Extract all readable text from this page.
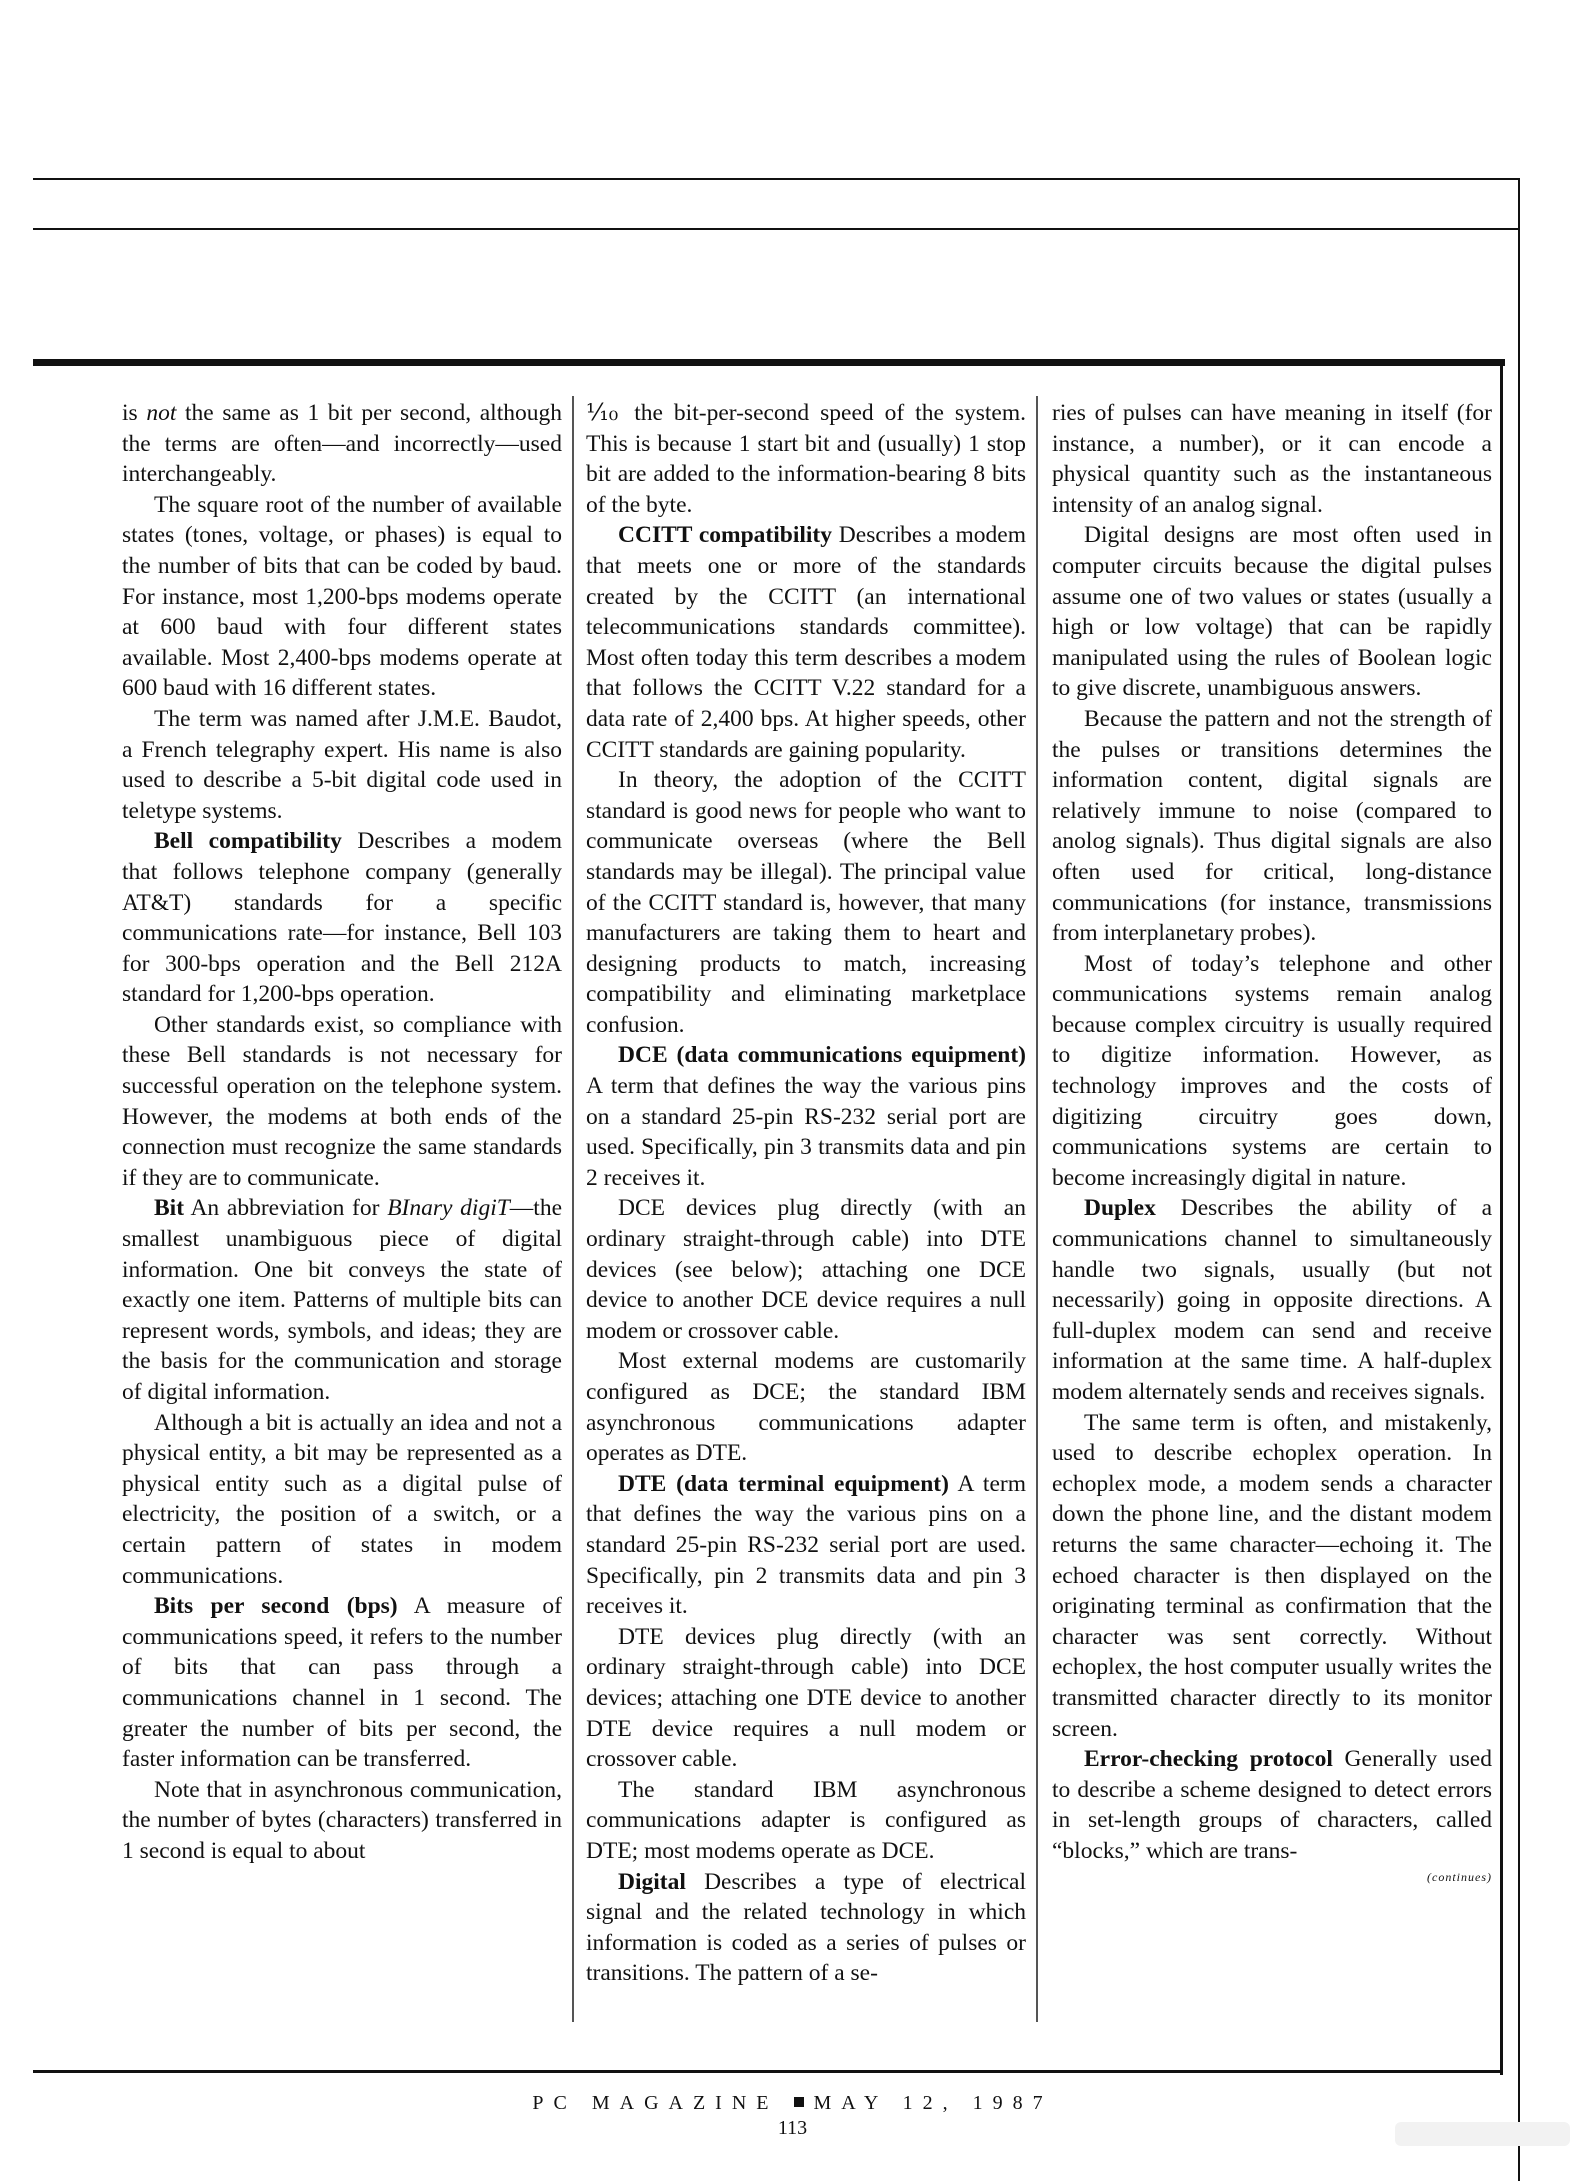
is not the same as 1 bit per second, although the terms are often—and incorrectly—used interchangeably.

The square root of the number of available states (tones, voltage, or phases) is equal to the number of bits that can be coded by baud. For instance, most 1,200-bps modems operate at 600 baud with four different states available. Most 2,400-bps modems operate at 600 baud with 16 different states.

The term was named after J.M.E. Baudot, a French telegraphy expert. His name is also used to describe a 5-bit digital code used in teletype systems.

Bell compatibility Describes a modem that follows telephone company (generally AT&T) standards for a specific communications rate—for instance, Bell 103 for 300-bps operation and the Bell 212A standard for 1,200-bps operation.

Other standards exist, so compliance with these Bell standards is not necessary for successful operation on the telephone system. However, the modems at both ends of the connection must recognize the same standards if they are to communicate.

Bit An abbreviation for BInary digiT—the smallest unambiguous piece of digital information. One bit conveys the state of exactly one item. Patterns of multiple bits can represent words, symbols, and ideas; they are the basis for the communication and storage of digital information.

Although a bit is actually an idea and not a physical entity, a bit may be represented as a physical entity such as a digital pulse of electricity, the position of a switch, or a certain pattern of states in modem communications.

Bits per second (bps) A measure of communications speed, it refers to the number of bits that can pass through a communications channel in 1 second. The greater the number of bits per second, the faster information can be transferred.

Note that in asynchronous communication, the number of bytes (characters) transferred in 1 second is equal to about

⅒ the bit-per-second speed of the system. This is because 1 start bit and (usually) 1 stop bit are added to the information-bearing 8 bits of the byte.

CCITT compatibility Describes a modem that meets one or more of the standards created by the CCITT (an international telecommunications standards committee). Most often today this term describes a modem that follows the CCITT V.22 standard for a data rate of 2,400 bps. At higher speeds, other CCITT standards are gaining popularity.

In theory, the adoption of the CCITT standard is good news for people who want to communicate overseas (where the Bell standards may be illegal). The principal value of the CCITT standard is, however, that many manufacturers are taking them to heart and designing products to match, increasing compatibility and eliminating marketplace confusion.

DCE (data communications equipment) A term that defines the way the various pins on a standard 25-pin RS-232 serial port are used. Specifically, pin 3 transmits data and pin 2 receives it.

DCE devices plug directly (with an ordinary straight-through cable) into DTE devices (see below); attaching one DCE device to another DCE device requires a null modem or crossover cable.

Most external modems are customarily configured as DCE; the standard IBM asynchronous communications adapter operates as DTE.

DTE (data terminal equipment) A term that defines the way the various pins on a standard 25-pin RS-232 serial port are used. Specifically, pin 2 transmits data and pin 3 receives it.

DTE devices plug directly (with an ordinary straight-through cable) into DCE devices; attaching one DTE device to another DTE device requires a null modem or crossover cable.

The standard IBM asynchronous communications adapter is configured as DTE; most modems operate as DCE.

Digital Describes a type of electrical signal and the related technology in which information is coded as a series of pulses or transitions. The pattern of a se-

ries of pulses can have meaning in itself (for instance, a number), or it can encode a physical quantity such as the instantaneous intensity of an analog signal.

Digital designs are most often used in computer circuits because the digital pulses assume one of two values or states (usually a high or low voltage) that can be rapidly manipulated using the rules of Boolean logic to give discrete, unambiguous answers.

Because the pattern and not the strength of the pulses or transitions determines the information content, digital signals are relatively immune to noise (compared to anolog signals). Thus digital signals are also often used for critical, long-distance communications (for instance, transmissions from interplanetary probes).

Most of today’s telephone and other communications systems remain analog because complex circuitry is usually required to digitize information. However, as technology improves and the costs of digitizing circuitry goes down, communications systems are certain to become increasingly digital in nature.

Duplex Describes the ability of a communications channel to simultaneously handle two signals, usually (but not necessarily) going in opposite directions. A full-duplex modem can send and receive information at the same time. A half-duplex modem alternately sends and receives signals.

The same term is often, and mistakenly, used to describe echoplex operation. In echoplex mode, a modem sends a character down the phone line, and the distant modem returns the same character—echoing it. The echoed character is then displayed on the originating terminal as confirmation that the character was sent correctly. Without echoplex, the host computer usually writes the transmitted character directly to its monitor screen.

Error-checking protocol Generally used to describe a scheme designed to detect errors in set-length groups of characters, called “blocks,” which are trans-

(continues)
PC MAGAZINE MAY 12, 1987
113
